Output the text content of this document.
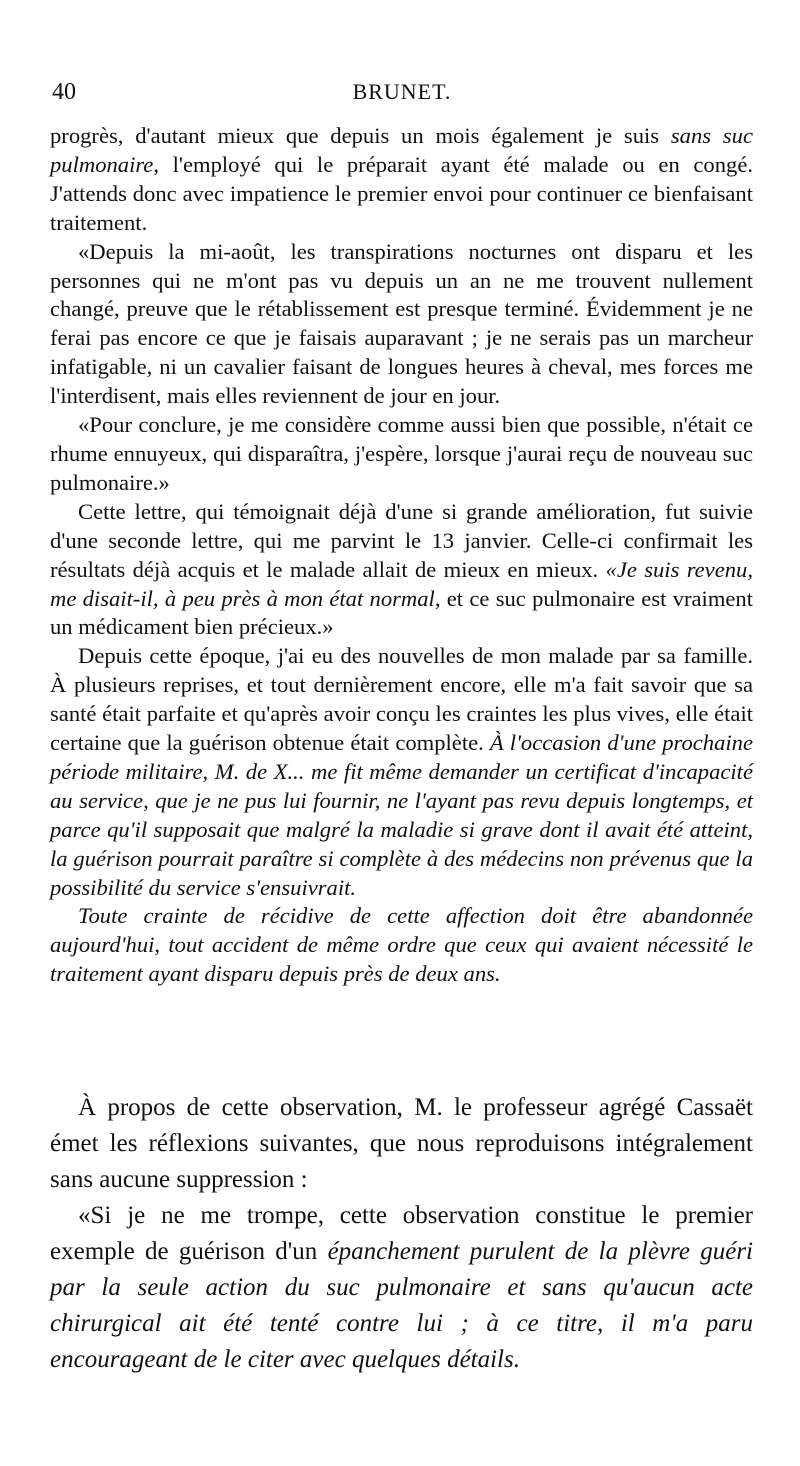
40	BRUNET.

progrès, d'autant mieux que depuis un mois également je suis sans suc pulmonaire, l'employé qui le préparait ayant été malade ou en congé. J'attends donc avec impatience le premier envoi pour continuer ce bienfaisant traitement.

«Depuis la mi-août, les transpirations nocturnes ont disparu et les personnes qui ne m'ont pas vu depuis un an ne me trouvent nullement changé, preuve que le rétablissement est presque terminé. Évidemment je ne ferai pas encore ce que je faisais auparavant ; je ne serais pas un marcheur infatigable, ni un cavalier faisant de longues heures à cheval, mes forces me l'interdisent, mais elles reviennent de jour en jour.

«Pour conclure, je me considère comme aussi bien que possible, n'était ce rhume ennuyeux, qui disparaîtra, j'espère, lorsque j'aurai reçu de nouveau suc pulmonaire.»

Cette lettre, qui témoignait déjà d'une si grande amélioration, fut suivie d'une seconde lettre, qui me parvint le 13 janvier. Celle-ci confirmait les résultats déjà acquis et le malade allait de mieux en mieux. «Je suis revenu, me disait-il, à peu près à mon état normal, et ce suc pulmonaire est vraiment un médicament bien précieux.»

Depuis cette époque, j'ai eu des nouvelles de mon malade par sa famille. À plusieurs reprises, et tout dernièrement encore, elle m'a fait savoir que sa santé était parfaite et qu'après avoir conçu les craintes les plus vives, elle était certaine que la guérison obtenue était complète. À l'occasion d'une prochaine période militaire, M. de X... me fit même demander un certificat d'incapacité au service, que je ne pus lui fournir, ne l'ayant pas revu depuis longtemps, et parce qu'il supposait que malgré la maladie si grave dont il avait été atteint, la guérison pourrait paraître si complète à des médecins non prévenus que la possibilité du service s'ensuivrait.

Toute crainte de récidive de cette affection doit être abandonnée aujourd'hui, tout accident de même ordre que ceux qui avaient nécessité le traitement ayant disparu depuis près de deux ans.

À propos de cette observation, M. le professeur agrégé Cassaët émet les réflexions suivantes, que nous reproduisons intégralement sans aucune suppression :

«Si je ne me trompe, cette observation constitue le premier exemple de guérison d'un épanchement purulent de la plèvre guéri par la seule action du suc pulmonaire et sans qu'aucun acte chirurgical ait été tenté contre lui ; à ce titre, il m'a paru encourageant de le citer avec quelques détails.
